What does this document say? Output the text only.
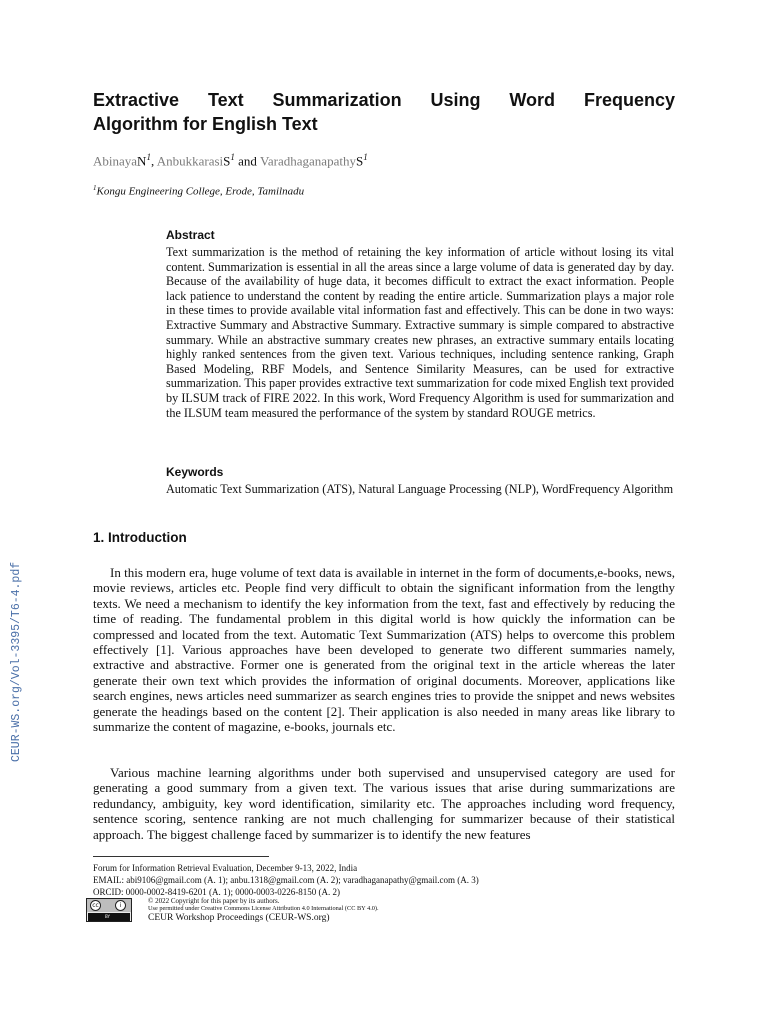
Extractive Text Summarization Using Word Frequency
Algorithm for English Text
AbinayaN$^1$, AnbukkarasiS$^1$ and VaradhaganapathyS$^1$
$^1$Kongu Engineering College, Erode, Tamilnadu
Abstract
Text summarization is the method of retaining the key information of article without losing its vital content. Summarization is essential in all the areas since a large volume of data is generated day by day. Because of the availability of huge data, it becomes difficult to extract the exact information. People lack patience to understand the content by reading the entire article. Summarization plays a major role in these times to provide available vital information fast and effectively. This can be done in two ways: Extractive Summary and Abstractive Summary. Extractive summary is simple compared to abstractive summary. While an abstractive summary creates new phrases, an extractive summary entails locating highly ranked sentences from the given text. Various techniques, including sentence ranking, Graph Based Modeling, RBF Models, and Sentence Similarity Measures, can be used for extractive summarization. This paper provides extractive text summarization for code mixed English text provided by ILSUM track of FIRE 2022. In this work, Word Frequency Algorithm is used for summarization and the ILSUM team measured the performance of the system by standard ROUGE metrics.
Keywords
Automatic Text Summarization (ATS), Natural Language Processing (NLP), WordFrequency Algorithm
1. Introduction
In this modern era, huge volume of text data is available in internet in the form of documents,e-books, news, movie reviews, articles etc. People find very difficult to obtain the significant information from the lengthy texts. We need a mechanism to identify the key information from the text, fast and effectively by reducing the time of reading. The fundamental problem in this digital world is how quickly the information can be compressed and located from the text. Automatic Text Summarization (ATS) helps to overcome this problem effectively [1]. Various approaches have been developed to generate two different summaries namely, extractive and abstractive. Former one is generated from the original text in the article whereas the later generate their own text which provides the information of original documents. Moreover, applications like search engines, news articles need summarizer as search engines tries to provide the snippet and news websites generate the headings based on the content [2]. Their application is also needed in many areas like library to summarize the content of magazine, e-books, journals etc.
Various machine learning algorithms under both supervised and unsupervised category are used for generating a good summary from a given text. The various issues that arise during summarizations are redundancy, ambiguity, key word identification, similarity etc. The approaches including word frequency, sentence scoring, sentence ranking are not much challenging for summarizer because of their statistical approach. The biggest challenge faced by summarizer is to identify the new features
CEUR-WS.org/Vol-3395/T6-4.pdf
Forum for Information Retrieval Evaluation, December 9-13, 2022, India
EMAIL: abi9106@gmail.com (A. 1); anbu.1318@gmail.com (A. 2); varadhaganapathy@gmail.com (A. 3)
ORCID: 0000-0002-8419-6201 (A. 1); 0000-0003-0226-8150 (A. 2)
cc	i
BY
© 2022 Copyright for this paper by its authors.
Use permitted under Creative Commons License Attribution 4.0 International (CC BY 4.0).
CEUR Workshop Proceedings (CEUR-WS.org)
